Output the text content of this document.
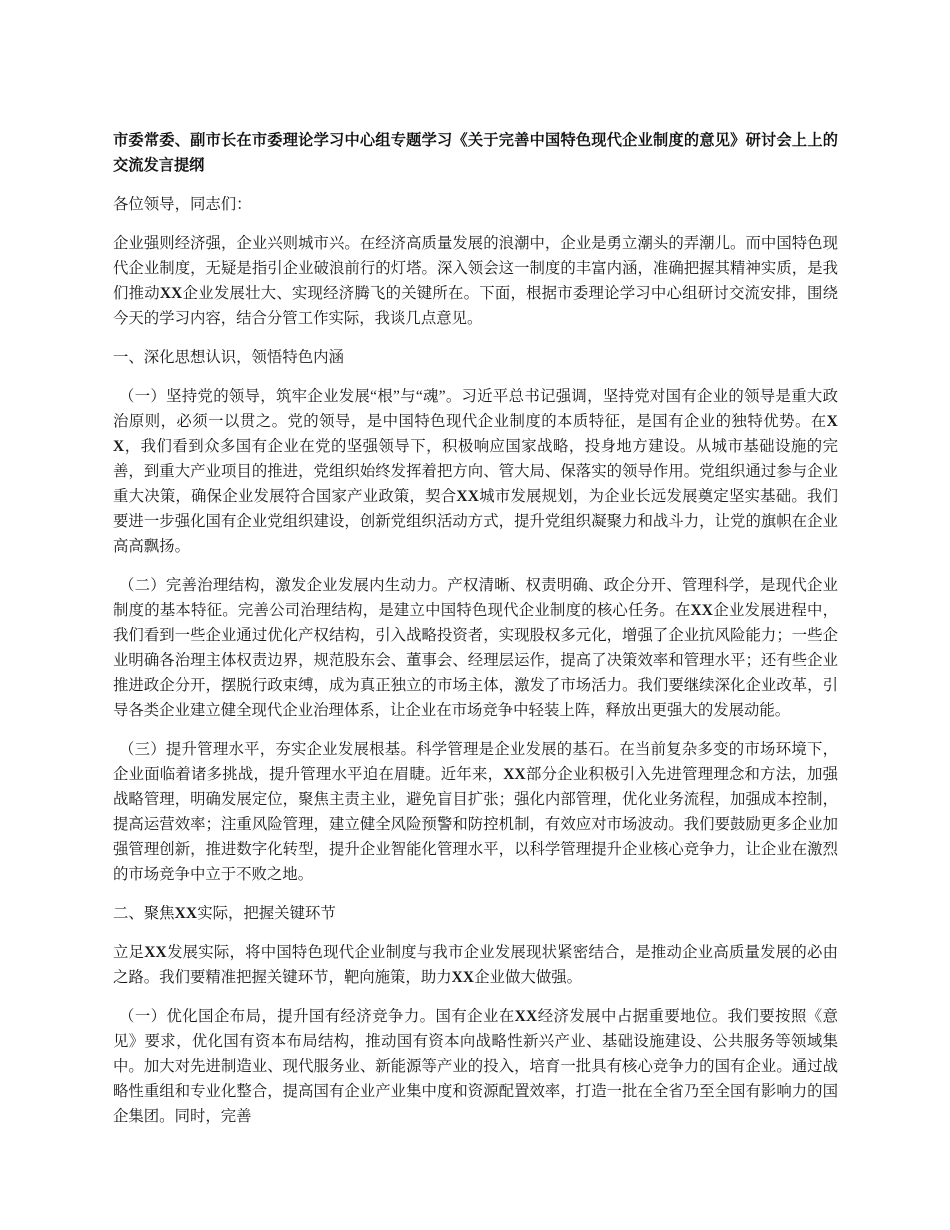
市委常委、副市长在市委理论学习中心组专题学习《关于完善中国特色现代企业制度的意见》研讨会上上的交流发言提纲

各位领导，同志们：

企业强则经济强，企业兴则城市兴。在经济高质量发展的浪潮中，企业是勇立潮头的弄潮儿。而中国特色现代企业制度，无疑是指引企业破浪前行的灯塔。深入领会这一制度的丰富内涵，准确把握其精神实质，是我们推动XX企业发展壮大、实现经济腾飞的关键所在。下面，根据市委理论学习中心组研讨交流安排，围绕今天的学习内容，结合分管工作实际，我谈几点意见。

一、深化思想认识，领悟特色内涵

（一）坚持党的领导，筑牢企业发展“根”与“魂”。习近平总书记强调，坚持党对国有企业的领导是重大政治原则，必须一以贯之。党的领导，是中国特色现代企业制度的本质特征，是国有企业的独特优势。在XX，我们看到众多国有企业在党的坚强领导下，积极响应国家战略，投身地方建设。从城市基础设施的完善，到重大产业项目的推进，党组织始终发挥着把方向、管大局、保落实的领导作用。党组织通过参与企业重大决策，确保企业发展符合国家产业政策，契合XX城市发展规划，为企业长远发展奠定坚实基础。我们要进一步强化国有企业党组织建设，创新党组织活动方式，提升党组织凝聚力和战斗力，让党的旗帜在企业高高飘扬。

（二）完善治理结构，激发企业发展内生动力。产权清晰、权责明确、政企分开、管理科学，是现代企业制度的基本特征。完善公司治理结构，是建立中国特色现代企业制度的核心任务。在XX企业发展进程中，我们看到一些企业通过优化产权结构，引入战略投资者，实现股权多元化，增强了企业抗风险能力；一些企业明确各治理主体权责边界，规范股东会、董事会、经理层运作，提高了决策效率和管理水平；还有些企业推进政企分开，摆脱行政束缚，成为真正独立的市场主体，激发了市场活力。我们要继续深化企业改革，引导各类企业建立健全现代企业治理体系，让企业在市场竞争中轻装上阵，释放出更强大的发展动能。

（三）提升管理水平，夯实企业发展根基。科学管理是企业发展的基石。在当前复杂多变的市场环境下，企业面临着诸多挑战，提升管理水平迫在眉睫。近年来，XX部分企业积极引入先进管理理念和方法，加强战略管理，明确发展定位，聚焦主责主业，避免盲目扩张；强化内部管理，优化业务流程，加强成本控制，提高运营效率；注重风险管理，建立健全风险预警和防控机制，有效应对市场波动。我们要鼓励更多企业加强管理创新，推进数字化转型，提升企业智能化管理水平，以科学管理提升企业核心竞争力，让企业在激烈的市场竞争中立于不败之地。

二、聚焦XX实际，把握关键环节

立足XX发展实际，将中国特色现代企业制度与我市企业发展现状紧密结合，是推动企业高质量发展的必由之路。我们要精准把握关键环节，靶向施策，助力XX企业做大做强。

（一）优化国企布局，提升国有经济竞争力。国有企业在XX经济发展中占据重要地位。我们要按照《意见》要求，优化国有资本布局结构，推动国有资本向战略性新兴产业、基础设施建设、公共服务等领域集中。加大对先进制造业、现代服务业、新能源等产业的投入，培育一批具有核心竞争力的国有企业。通过战略性重组和专业化整合，提高国有企业产业集中度和资源配置效率，打造一批在全省乃至全国有影响力的国企集团。同时，完善
